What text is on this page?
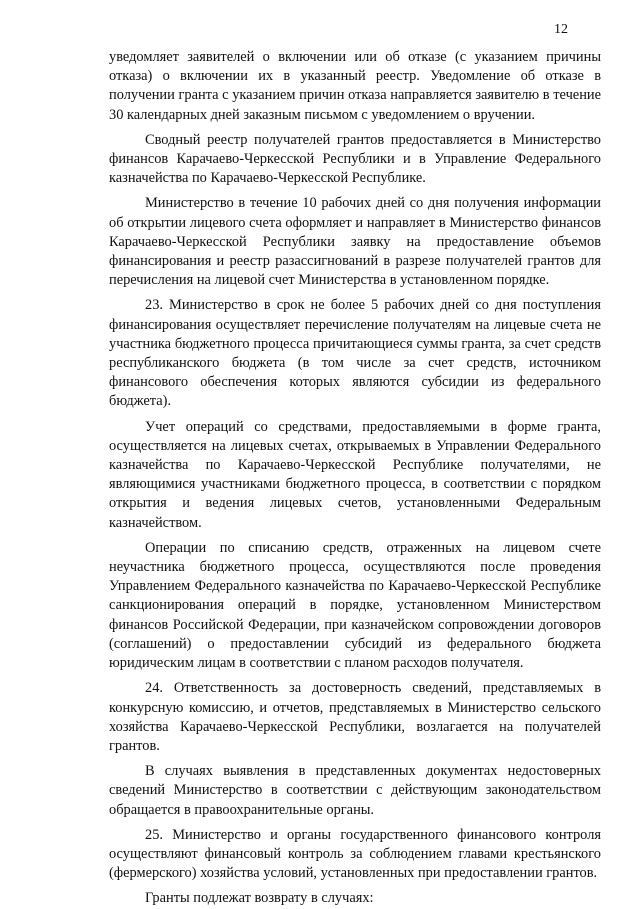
12

уведомляет заявителей о включении или об отказе (с указанием причины отказа) о включении их в указанный реестр. Уведомление об отказе в получении гранта с указанием причин отказа направляется заявителю в течение 30 календарных дней заказным письмом с уведомлением о вручении.

Сводный реестр получателей грантов предоставляется в Министерство финансов Карачаево-Черкесской Республики и в Управление Федерального казначейства по Карачаево-Черкесской Республике.

Министерство в течение 10 рабочих дней со дня получения информации об открытии лицевого счета оформляет и направляет в Министерство финансов Карачаево-Черкесской Республики заявку на предоставление объемов финансирования и реестр разассигнований в разрезе получателей грантов для перечисления на лицевой счет Министерства в установленном порядке.

23. Министерство в срок не более 5 рабочих дней со дня поступления финансирования осуществляет перечисление получателям на лицевые счета не участника бюджетного процесса причитающиеся суммы гранта, за счет средств республиканского бюджета (в том числе за счет средств, источником финансового обеспечения которых являются субсидии из федерального бюджета).

Учет операций со средствами, предоставляемыми в форме гранта, осуществляется на лицевых счетах, открываемых в Управлении Федерального казначейства по Карачаево-Черкесской Республике получателями, не являющимися участниками бюджетного процесса, в соответствии с порядком открытия и ведения лицевых счетов, установленными Федеральным казначейством.

Операции по списанию средств, отраженных на лицевом счете неучастника бюджетного процесса, осуществляются после проведения Управлением Федерального казначейства по Карачаево-Черкесской Республике санкционирования операций в порядке, установленном Министерством финансов Российской Федерации, при казначейском сопровождении договоров (соглашений) о предоставлении субсидий из федерального бюджета юридическим лицам в соответствии с планом расходов получателя.

24. Ответственность за достоверность сведений, представляемых в конкурсную комиссию, и отчетов, представляемых в Министерство сельского хозяйства Карачаево-Черкесской Республики, возлагается на получателей грантов.

В случаях выявления в представленных документах недостоверных сведений Министерство в соответствии с действующим законодательством обращается в правоохранительные органы.

25. Министерство и органы государственного финансового контроля осуществляют финансовый контроль за соблюдением главами крестьянского (фермерского) хозяйства условий, установленных при предоставлении грантов.

Гранты подлежат возврату в случаях:
